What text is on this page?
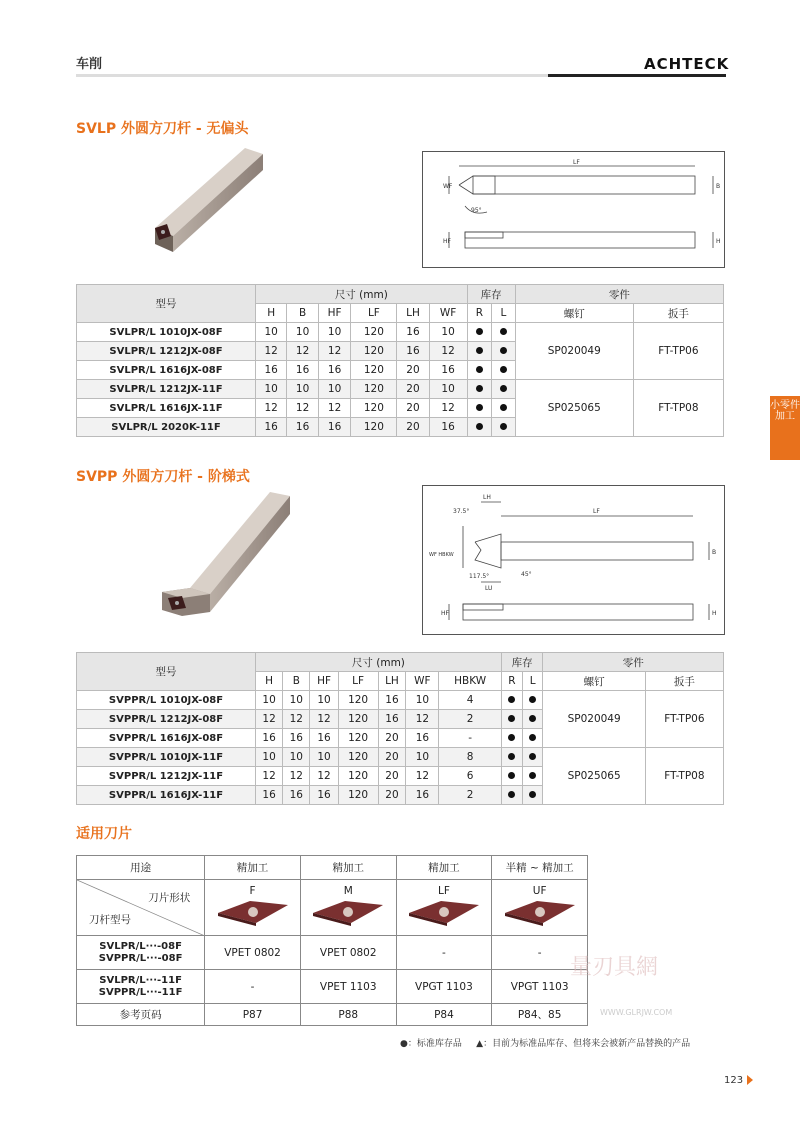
车削	ACHTECK
小零件加工
SVLP 外圆方刀杆 - 无偏头
LF
WF	B
HF	H
95°
型号	尺寸 (mm)						库存		零件	
	H	B	HF	LF	LH	WF	R	L	螺钉	扳手
SVLPR/L 1010JX-08F	10	10	10	120	16	10			SP020049	FT-TP06
SVLPR/L 1212JX-08F	12	12	12	120	16	12				
SVLPR/L 1616JX-08F	16	16	16	120	20	16				
SVLPR/L 1212JX-11F	10	10	10	120	20	10			SP025065	FT-TP08
SVLPR/L 1616JX-11F	12	12	12	120	20	12				
SVLPR/L 2020K-11F	16	16	16	120	20	16				
SVPP 外圆方刀杆 - 阶梯式
LH
LF
37.5°
WF HBKW	B
117.5°
LU
45°
HF	H
型号	尺寸 (mm)							库存		零件	
	H	B	HF	LF	LH	WF	HBKW	R	L	螺钉	扳手
SVPPR/L 1010JX-08F	10	10	10	120	16	10	4			SP020049	FT-TP06
SVPPR/L 1212JX-08F	12	12	12	120	16	12	2				
SVPPR/L 1616JX-08F	16	16	16	120	20	16	-				
SVPPR/L 1010JX-11F	10	10	10	120	20	10	8			SP025065	FT-TP08
SVPPR/L 1212JX-11F	12	12	12	120	20	12	6				
SVPPR/L 1616JX-11F	16	16	16	120	20	16	2				
适用刀片
用途	精加工	精加工	精加工	半精 ~ 精加工

刀片形状
刀杆型号	F	M	LF	UF

SVLPR/L···-08F
SVPPR/L···-08F	VPET 0802	VPET 0802	-	-

SVLPR/L···-11F
SVPPR/L···-11F	-	VPET 1103	VPGT 1103	VPGT 1103
参考页码	P87	P88	P84	P84、85
量刃具網
WWW.GLRJW.COM
●：标准库存品 ▲：目前为标准品库存、但将来会被新产品替换的产品
123
